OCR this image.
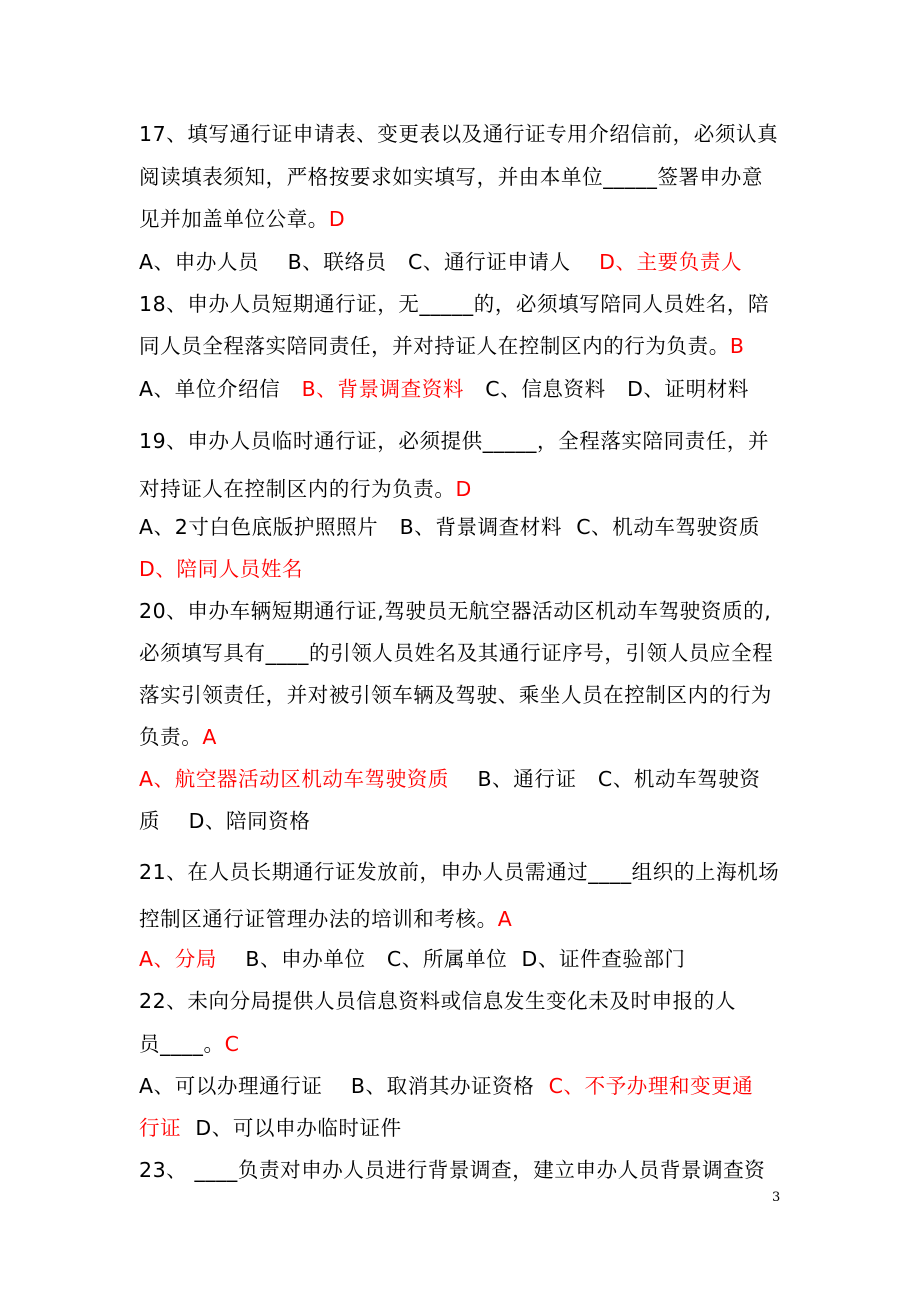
17、填写通行证申请表、变更表以及通行证专用介绍信前，必须认真
阅读填表须知，严格按要求如实填写，并由本单位_____签署申办意
见并加盖单位公章。D
A、申办人员    B、联络员   C、通行证申请人    D、主要负责人
18、申办人员短期通行证，无_____的，必须填写陪同人员姓名，陪
同人员全程落实陪同责任，并对持证人在控制区内的行为负责。B
A、单位介绍信   B、背景调查资料   C、信息资料   D、证明材料
19、申办人员临时通行证，必须提供_____，全程落实陪同责任，并
对持证人在控制区内的行为负责。D
A、2寸白色底版护照照片   B、背景调查材料  C、机动车驾驶资质
D、陪同人员姓名
20、申办车辆短期通行证,驾驶员无航空器活动区机动车驾驶资质的,
必须填写具有____的引领人员姓名及其通行证序号，引领人员应全程
落实引领责任，并对被引领车辆及驾驶、乘坐人员在控制区内的行为
负责。A
A、航空器活动区机动车驾驶资质    B、通行证   C、机动车驾驶资
质    D、陪同资格
21、在人员长期通行证发放前，申办人员需通过____组织的上海机场
控制区通行证管理办法的培训和考核。A
A、分局    B、申办单位   C、所属单位  D、证件查验部门
22、未向分局提供人员信息资料或信息发生变化未及时申报的人
员____。C
A、可以办理通行证    B、取消其办证资格  C、不予办理和变更通
行证  D、可以申办临时证件
23、 ____负责对申办人员进行背景调查，建立申办人员背景调查资
3
